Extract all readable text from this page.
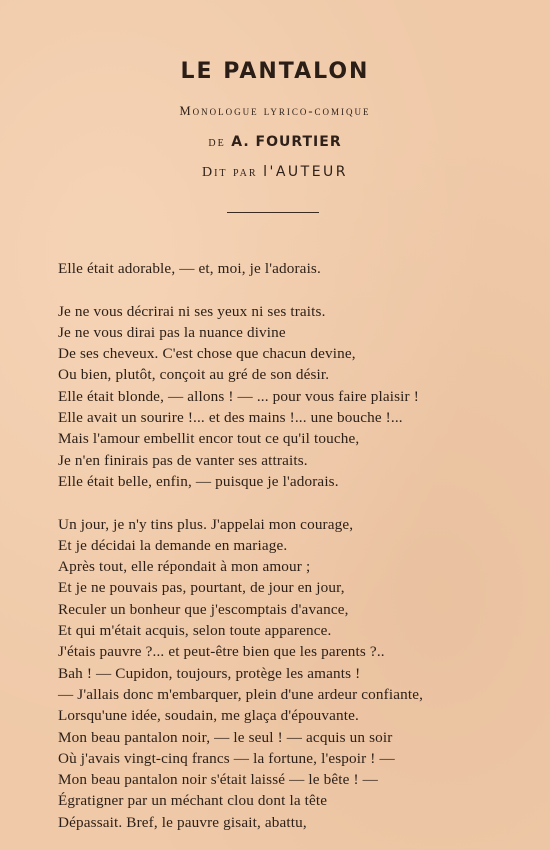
LE PANTALON
Monologue lyrico-comique
de A. FOURTIER
Dit par l'AUTEUR
Elle était adorable, — et, moi, je l'adorais.
Je ne vous décrirai ni ses yeux ni ses traits.
Je ne vous dirai pas la nuance divine
De ses cheveux. C'est chose que chacun devine,
Ou bien, plutôt, conçoit au gré de son désir.
Elle était blonde, — allons ! — ... pour vous faire plaisir !
Elle avait un sourire !... et des mains !... une bouche !...
Mais l'amour embellit encor tout ce qu'il touche,
Je n'en finirais pas de vanter ses attraits.
Elle était belle, enfin, — puisque je l'adorais.
Un jour, je n'y tins plus. J'appelai mon courage,
Et je décidai la demande en mariage.
Après tout, elle répondait à mon amour ;
Et je ne pouvais pas, pourtant, de jour en jour,
Reculer un bonheur que j'escomptais d'avance,
Et qui m'était acquis, selon toute apparence.
J'étais pauvre ?... et peut-être bien que les parents ?..
Bah ! — Cupidon, toujours, protège les amants !
— J'allais donc m'embarquer, plein d'une ardeur confiante,
Lorsqu'une idée, soudain, me glaça d'épouvante.
Mon beau pantalon noir, — le seul ! — acquis un soir
Où j'avais vingt-cinq francs — la fortune, l'espoir ! —
Mon beau pantalon noir s'était laissé — le bête ! —
Égratigner par un méchant clou dont la tête
Dépassait. Bref, le pauvre gisait, abattu,
